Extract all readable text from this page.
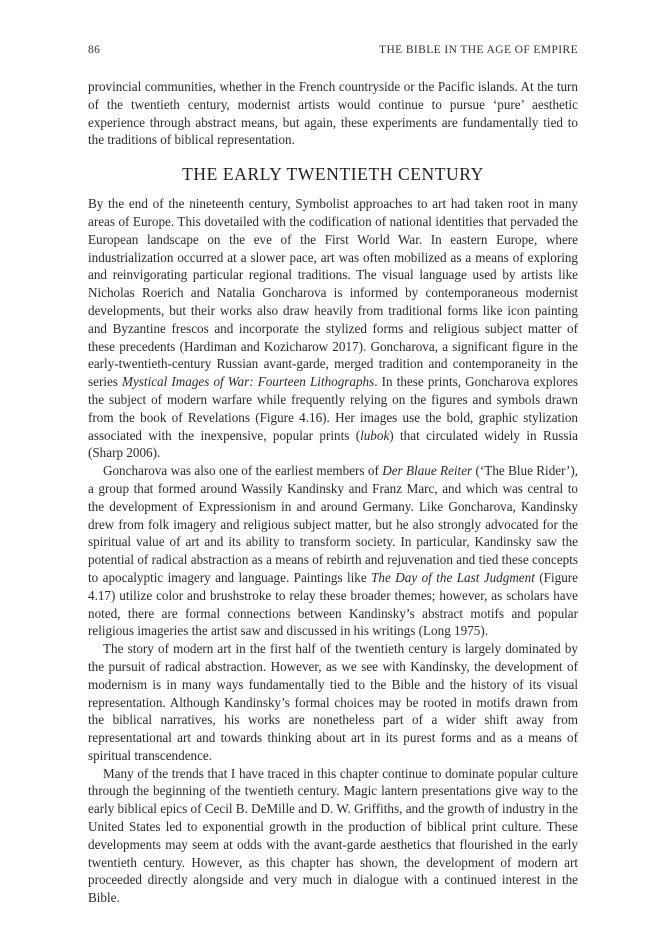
86	THE BIBLE IN THE AGE OF EMPIRE

provincial communities, whether in the French countryside or the Pacific islands. At the turn of the twentieth century, modernist artists would continue to pursue ‘pure’ aesthetic experience through abstract means, but again, these experiments are fundamentally tied to the traditions of biblical representation.

THE EARLY TWENTIETH CENTURY

By the end of the nineteenth century, Symbolist approaches to art had taken root in many areas of Europe. This dovetailed with the codification of national identities that pervaded the European landscape on the eve of the First World War. In eastern Europe, where industrialization occurred at a slower pace, art was often mobilized as a means of exploring and reinvigorating particular regional traditions. The visual language used by artists like Nicholas Roerich and Natalia Goncharova is informed by contemporaneous modernist developments, but their works also draw heavily from traditional forms like icon painting and Byzantine frescos and incorporate the stylized forms and religious subject matter of these precedents (Hardiman and Kozicharow 2017). Goncharova, a significant figure in the early-twentieth-century Russian avant-garde, merged tradition and contemporaneity in the series Mystical Images of War: Fourteen Lithographs. In these prints, Goncharova explores the subject of modern warfare while frequently relying on the figures and symbols drawn from the book of Revelations (Figure 4.16). Her images use the bold, graphic stylization associated with the inexpensive, popular prints (lubok) that circulated widely in Russia (Sharp 2006).

Goncharova was also one of the earliest members of Der Blaue Reiter (‘The Blue Rider’), a group that formed around Wassily Kandinsky and Franz Marc, and which was central to the development of Expressionism in and around Germany. Like Goncharova, Kandinsky drew from folk imagery and religious subject matter, but he also strongly advocated for the spiritual value of art and its ability to transform society. In particular, Kandinsky saw the potential of radical abstraction as a means of rebirth and rejuvenation and tied these concepts to apocalyptic imagery and language. Paintings like The Day of the Last Judgment (Figure 4.17) utilize color and brushstroke to relay these broader themes; however, as scholars have noted, there are formal connections between Kandinsky’s abstract motifs and popular religious imageries the artist saw and discussed in his writings (Long 1975).

The story of modern art in the first half of the twentieth century is largely dominated by the pursuit of radical abstraction. However, as we see with Kandinsky, the development of modernism is in many ways fundamentally tied to the Bible and the history of its visual representation. Although Kandinsky’s formal choices may be rooted in motifs drawn from the biblical narratives, his works are nonetheless part of a wider shift away from representational art and towards thinking about art in its purest forms and as a means of spiritual transcendence.

Many of the trends that I have traced in this chapter continue to dominate popular culture through the beginning of the twentieth century. Magic lantern presentations give way to the early biblical epics of Cecil B. DeMille and D. W. Griffiths, and the growth of industry in the United States led to exponential growth in the production of biblical print culture. These developments may seem at odds with the avant-garde aesthetics that flourished in the early twentieth century. However, as this chapter has shown, the development of modern art proceeded directly alongside and very much in dialogue with a continued interest in the Bible.
